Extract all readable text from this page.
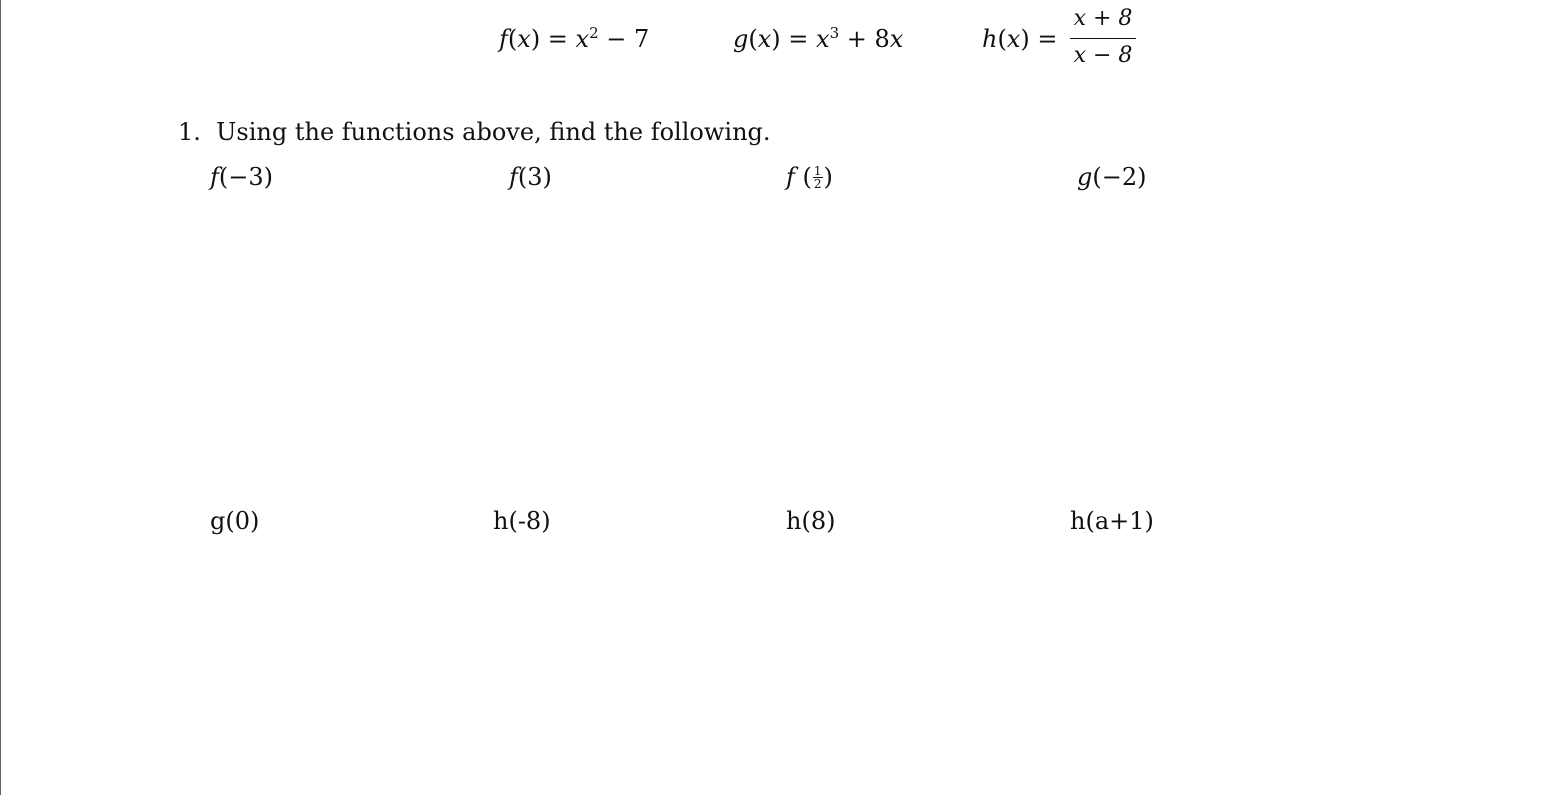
$f(x) = x^2 - 7$	$g(x) = x^3 + 8x$	h(x) =
x + 8
x − 8
1. Using the functions above, find the following.
f(−3)	f(3)	f ( $\frac{1}{2}$ )	g(−2)
g(0)	h(-8)	h(8)	h(a+1)
